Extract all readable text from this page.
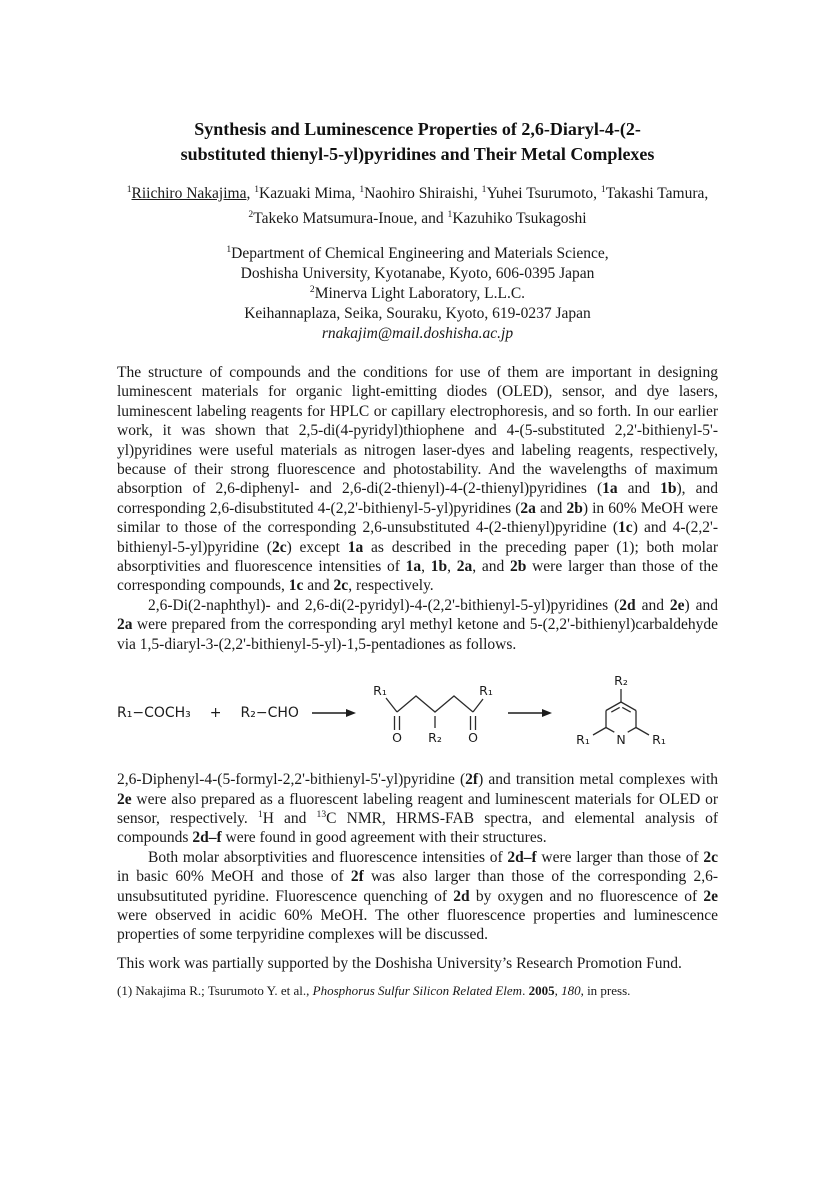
Synthesis and Luminescence Properties of 2,6-Diaryl-4-(2-
substituted thienyl-5-yl)pyridines and Their Metal Complexes
$^1$Riichiro Nakajima, $^1$Kazuaki Mima, $^1$Naohiro Shiraishi, $^1$Yuhei Tsurumoto, $^1$Takashi Tamura, $^2$Takeko Matsumura-Inoue, and $^1$Kazuhiko Tsukagoshi
$^1$Department of Chemical Engineering and Materials Science,
Doshisha University, Kyotanabe, Kyoto, 606-0395 Japan
$^2$Minerva Light Laboratory, L.L.C.
Keihannaplaza, Seika, Souraku, Kyoto, 619-0237 Japan
rnakajim@mail.doshisha.ac.jp

The structure of compounds and the conditions for use of them are important in designing luminescent materials for organic light-emitting diodes (OLED), sensor, and dye lasers, luminescent labeling reagents for HPLC or capillary electrophoresis, and so forth. In our earlier work, it was shown that 2,5-di(4-pyridyl)thiophene and 4-(5-substituted 2,2'-bithienyl-5'-yl)pyridines were useful materials as nitrogen laser-dyes and labeling reagents, respectively, because of their strong fluorescence and photostability. And the wavelengths of maximum absorption of 2,6-diphenyl- and 2,6-di(2-thienyl)-4-(2-thienyl)pyridines (1a and 1b), and corresponding 2,6-disubstituted 4-(2,2'-bithienyl-5-yl)pyridines (2a and 2b) in 60% MeOH were similar to those of the corresponding 2,6-unsubstituted 4-(2-thienyl)pyridine (1c) and 4-(2,2'-bithienyl-5-yl)pyridine (2c) except 1a as described in the preceding paper (1); both molar absorptivities and fluorescence intensities of 1a, 1b, 2a, and 2b were larger than those of the corresponding compounds, 1c and 2c, respectively.

2,6-Di(2-naphthyl)- and 2,6-di(2-pyridyl)-4-(2,2'-bithienyl-5-yl)pyridines (2d and 2e) and 2a were prepared from the corresponding aryl methyl ketone and 5-(2,2'-bithienyl)carbaldehyde via 1,5-diaryl-3-(2,2'-bithienyl-5-yl)-1,5-pentadiones as follows.

R₁−COCH₃ + R₂−CHO →
R₁	R₁
O R₂ O
R₂
N
R₁	R₁

2,6-Diphenyl-4-(5-formyl-2,2'-bithienyl-5'-yl)pyridine (2f) and transition metal complexes with 2e were also prepared as a fluorescent labeling reagent and luminescent materials for OLED or sensor, respectively. $^1$H and $^{13}$C NMR, HRMS-FAB spectra, and elemental analysis of compounds 2d–f were found in good agreement with their structures.

Both molar absorptivities and fluorescence intensities of 2d–f were larger than those of 2c in basic 60% MeOH and those of 2f was also larger than those of the corresponding 2,6-unsubsutituted pyridine. Fluorescence quenching of 2d by oxygen and no fluorescence of 2e were observed in acidic 60% MeOH. The other fluorescence properties and luminescence properties of some terpyridine complexes will be discussed.

This work was partially supported by the Doshisha University’s Research Promotion Fund.

(1) Nakajima R.; Tsurumoto Y. et al., Phosphorus Sulfur Silicon Related Elem. 2005, 180, in press.
